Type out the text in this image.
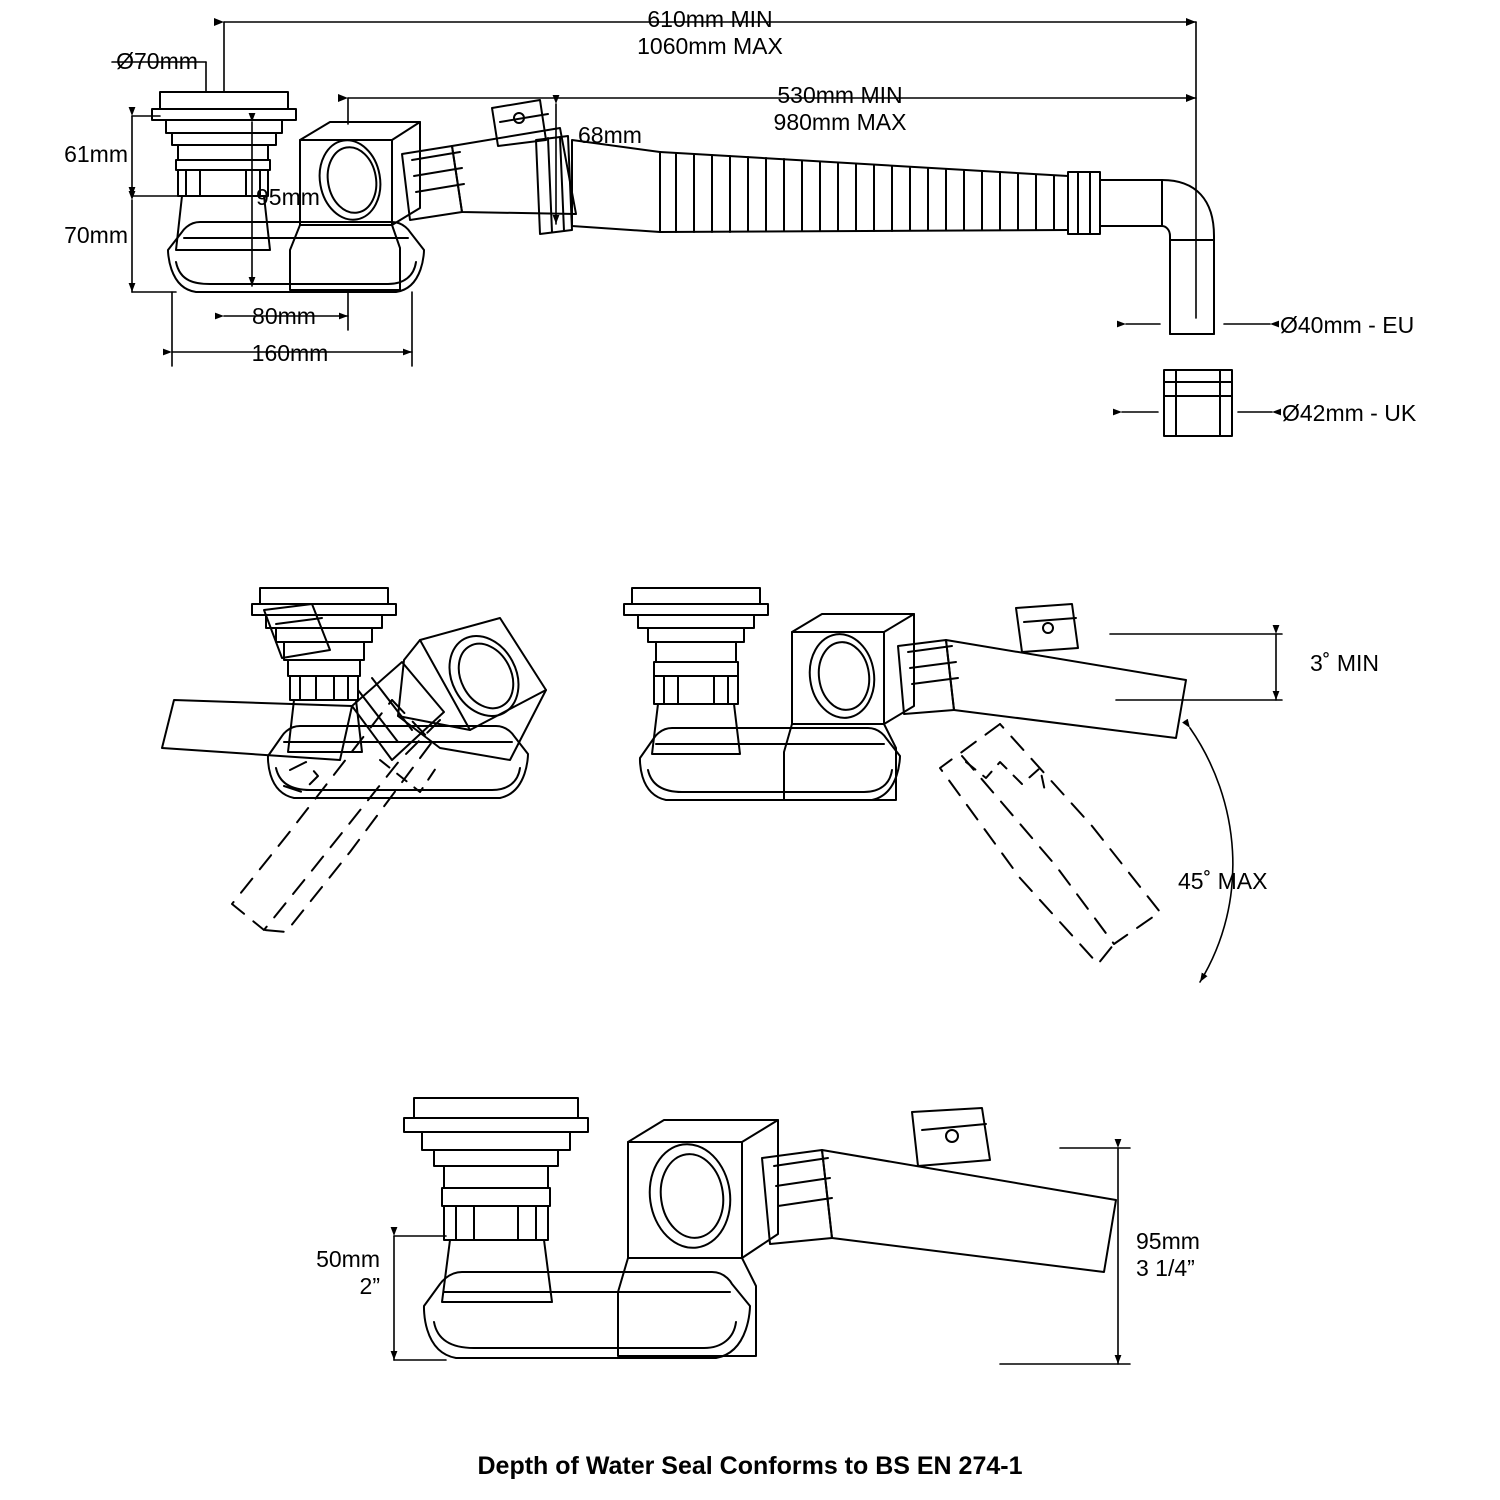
610mm MIN
1060mm MAX
530mm MIN
980mm MAX
Ø70mm
61mm
70mm
95mm
68mm
80mm
160mm
Ø40mm - EU
Ø42mm - UK
3˚ MIN
45˚ MAX
50mm
2”
95mm
3 1/4”
Depth of Water Seal Conforms to BS EN 274-1
